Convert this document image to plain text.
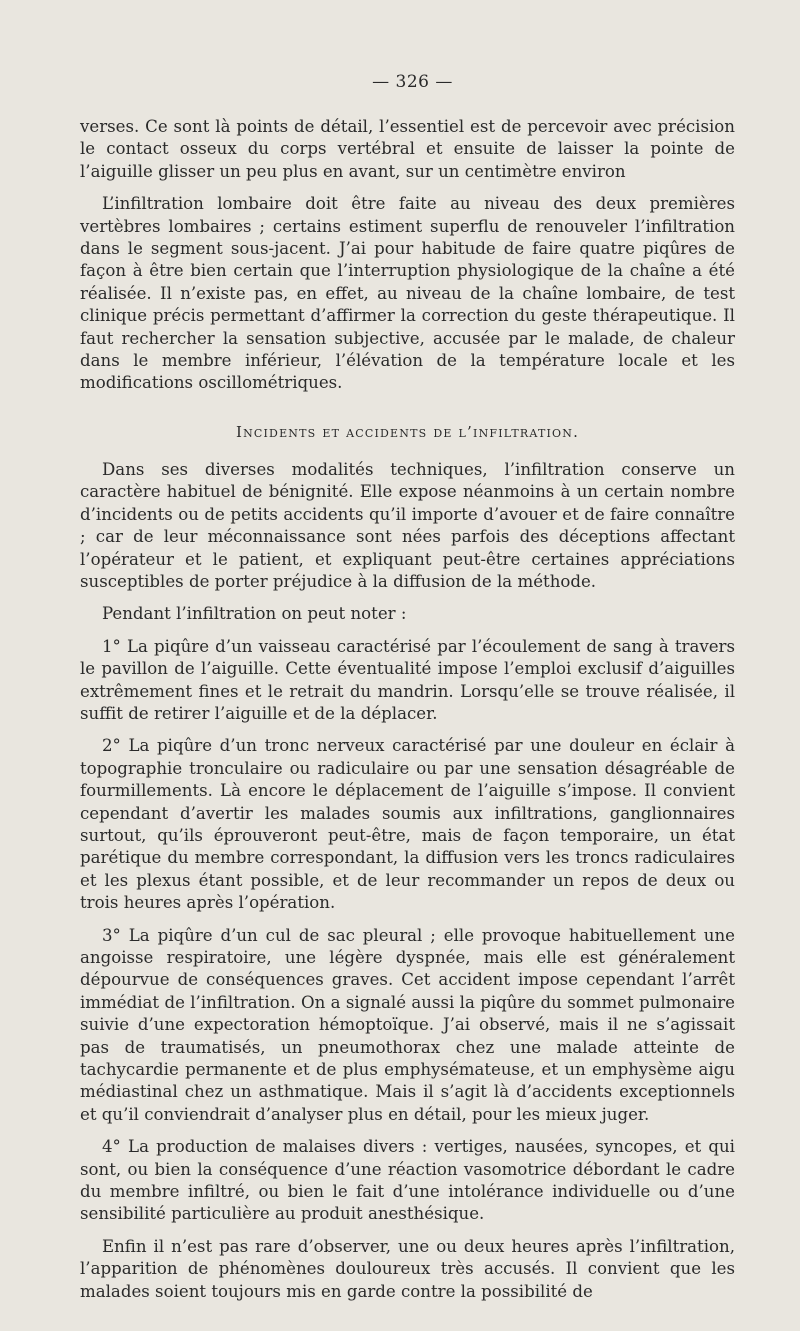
— 326 —

verses. Ce sont là points de détail, l’essentiel est de percevoir avec précision le contact osseux du corps vertébral et ensuite de laisser la pointe de l’aiguille glisser un peu plus en avant, sur un centimètre environ

L’infiltration lombaire doit être faite au niveau des deux premières vertèbres lombaires ; certains estiment superflu de renouveler l’infiltration dans le segment sous-jacent. J’ai pour habitude de faire quatre piqûres de façon à être bien certain que l’interruption physiologique de la chaîne a été réalisée. Il n’existe pas, en effet, au niveau de la chaîne lombaire, de test clinique précis permettant d’affirmer la correction du geste thérapeutique. Il faut rechercher la sensation subjective, accusée par le malade, de chaleur dans le membre inférieur, l’élévation de la température locale et les modifications oscillométriques.

Incidents et accidents de l’infiltration.

Dans ses diverses modalités techniques, l’infiltration conserve un caractère habituel de bénignité. Elle expose néanmoins à un certain nombre d’incidents ou de petits accidents qu’il importe d’avouer et de faire connaître ; car de leur méconnaissance sont nées parfois des déceptions affectant l’opérateur et le patient, et expliquant peut-être certaines appréciations susceptibles de porter préjudice à la diffusion de la méthode.

Pendant l’infiltration on peut noter :

1° La piqûre d’un vaisseau caractérisé par l’écoulement de sang à travers le pavillon de l’aiguille. Cette éventualité impose l’emploi exclusif d’aiguilles extrêmement fines et le retrait du mandrin. Lorsqu’elle se trouve réalisée, il suffit de retirer l’aiguille et de la déplacer.

2° La piqûre d’un tronc nerveux caractérisé par une douleur en éclair à topographie tronculaire ou radiculaire ou par une sensation désagréable de fourmillements. Là encore le déplacement de l’aiguille s’impose. Il convient cependant d’avertir les malades soumis aux infiltrations, ganglionnaires surtout, qu’ils éprouveront peut-être, mais de façon temporaire, un état parétique du membre correspondant, la diffusion vers les troncs radiculaires et les plexus étant possible, et de leur recommander un repos de deux ou trois heures après l’opération.

3° La piqûre d’un cul de sac pleural ; elle provoque habituellement une angoisse respiratoire, une légère dyspnée, mais elle est généralement dépourvue de conséquences graves. Cet accident impose cependant l’arrêt immédiat de l’infiltration. On a signalé aussi la piqûre du sommet pulmonaire suivie d’une expectoration hémoptoïque. J’ai observé, mais il ne s’agissait pas de traumatisés, un pneumothorax chez une malade atteinte de tachycardie permanente et de plus emphysémateuse, et un emphysème aigu médiastinal chez un asthmatique. Mais il s’agit là d’accidents exceptionnels et qu’il conviendrait d’analyser plus en détail, pour les mieux juger.

4° La production de malaises divers : vertiges, nausées, syncopes, et qui sont, ou bien la conséquence d’une réaction vasomotrice débordant le cadre du membre infiltré, ou bien le fait d’une intolérance individuelle ou d’une sensibilité particulière au produit anesthésique.

Enfin il n’est pas rare d’observer, une ou deux heures après l’infiltration, l’apparition de phénomènes douloureux très accusés. Il convient que les malades soient toujours mis en garde contre la possibilité de
